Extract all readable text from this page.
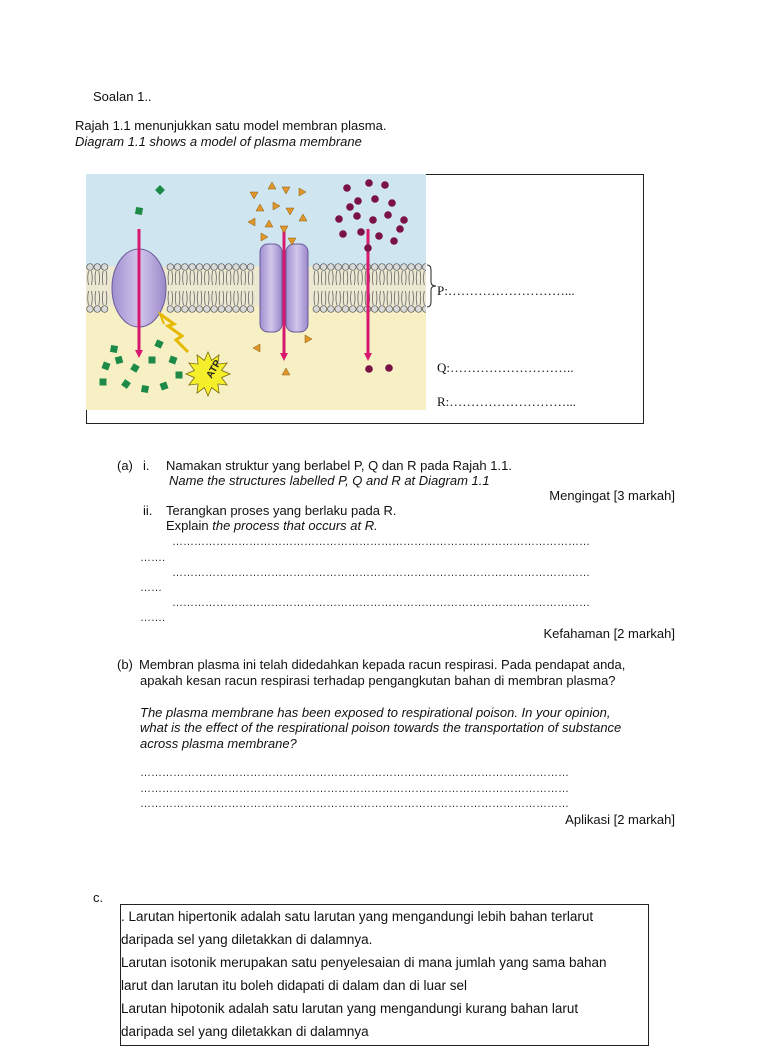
Soalan 1..
Rajah 1.1 menunjukkan satu model membran plasma.
Diagram 1.1 shows a model of plasma membrane
ATP
P:………………………...
Q:………………………..
R:………………………...
(a) i. Namakan struktur yang berlabel P, Q dan R pada Rajah 1.1.
Name the structures labelled P, Q and R at Diagram 1.1
Mengingat [3 markah]
ii. Terangkan proses yang berlaku pada R.
Explain the process that occurs at R.
……………………………………………………………………………………………………
…….
……………………………………………………………………………………………………
……
……………………………………………………………………………………………………
…….
Kefahaman [2 markah]
(b) Membran plasma ini telah didedahkan kepada racun respirasi. Pada pendapat anda,
apakah kesan racun respirasi terhadap pengangkutan bahan di membran plasma?
The plasma membrane has been exposed to respirational poison. In your opinion,
what is the effect of the respirational poison towards the transportation of substance
across plasma membrane?
………………………………………………………………………………………………………
………………………………………………………………………………………………………
………………………………………………………………………………………………………
Aplikasi [2 markah]
c.

. Larutan hipertonik adalah satu larutan yang mengandungi lebih bahan terlarut

daripada sel yang diletakkan di dalamnya.

Larutan isotonik merupakan satu penyelesaian di mana jumlah yang sama bahan

larut dan larutan itu boleh didapati di dalam dan di luar sel

Larutan hipotonik adalah satu larutan yang mengandungi kurang bahan larut

daripada sel yang diletakkan di dalamnya
